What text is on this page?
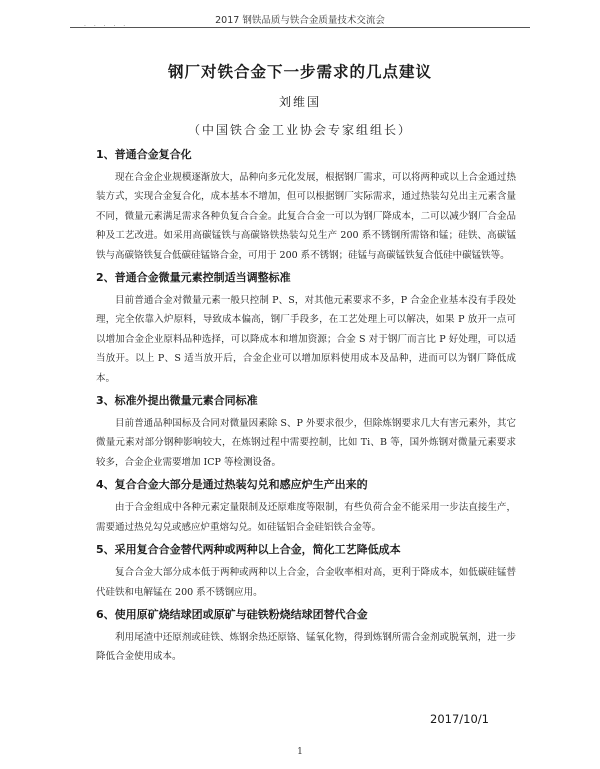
2017 钢铁品质与铁合金质量技术交流会
· · · · ·
钢厂对铁合金下一步需求的几点建议
刘维国
（中国铁合金工业协会专家组组长）
1、普通合金复合化
现在合金企业规模逐渐放大，品种向多元化发展，根据钢厂需求，可以将两种或以上合金通过热装方式，实现合金复合化，成本基本不增加，但可以根据钢厂实际需求，通过热装勾兑出主元素含量不同，微量元素满足需求各种负复合合金。此复合合金一可以为钢厂降成本，二可以减少钢厂合金品种及工艺改进。如采用高碳锰铁与高碳铬铁热装勾兑生产 200 系不锈钢所需铬和锰；硅铁、高碳锰铁与高碳铬铁复合低碳硅锰铬合金，可用于 200 系不锈钢；硅锰与高碳锰铁复合低硅中碳锰铁等。
2、普通合金微量元素控制适当调整标准
目前普通合金对微量元素一般只控制 P、S，对其他元素要求不多，P 合金企业基本没有手段处理，完全依靠入炉原料，导致成本偏高，钢厂手段多，在工艺处理上可以解决，如果 P 放开一点可以增加合金企业原料品种选择，可以降成本和增加资源；合金 S 对于钢厂而言比 P 好处理，可以适当放开。以上 P、S 适当放开后，合金企业可以增加原料使用成本及品种，进而可以为钢厂降低成本。
3、标准外提出微量元素合同标准
目前普通品种国标及合同对微量因素除 S、P 外要求很少，但除炼钢要求几大有害元素外，其它微量元素对部分钢种影响较大，在炼钢过程中需要控制，比如 Ti、B 等，国外炼钢对微量元素要求较多，合金企业需要增加 ICP 等检测设备。
4、复合合金大部分是通过热装勾兑和感应炉生产出来的
由于合金组成中各种元素定量限制及还原难度等限制，有些负荷合金不能采用一步法直接生产，需要通过热兑勾兑或感应炉重熔勾兑。如硅锰铝合金硅铝铁合金等。
5、采用复合合金替代两种或两种以上合金，简化工艺降低成本
复合合金大部分成本低于两种或两种以上合金，合金收率相对高，更利于降成本，如低碳硅锰替代硅铁和电解锰在 200 系不锈钢应用。
6、使用原矿烧结球团或原矿与硅铁粉烧结球团替代合金
利用尾渣中还原剂或硅铁、炼钢余热还原铬、锰氧化物，得到炼钢所需合金剂或脱氧剂，进一步降低合金使用成本。
2017/10/1
1
